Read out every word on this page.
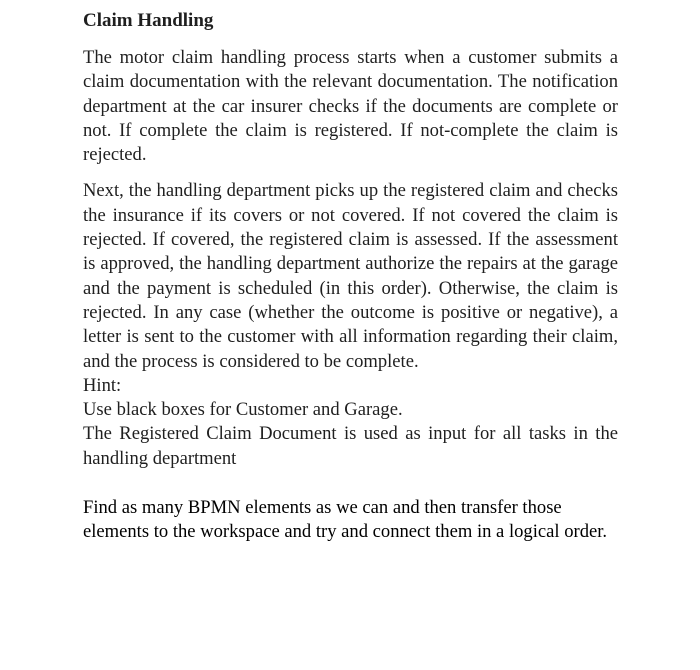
Claim Handling

The motor claim handling process starts when a customer submits a claim documentation with the relevant documentation. The notification department at the car insurer checks if the documents are complete or not. If complete the claim is registered. If not-complete the claim is rejected.

Next, the handling department picks up the registered claim and checks the insurance if its covers or not covered. If not covered the claim is rejected. If covered, the registered claim is assessed. If the assessment is approved, the handling department authorize the repairs at the garage and the payment is scheduled (in this order). Otherwise, the claim is rejected. In any case (whether the outcome is positive or negative), a letter is sent to the customer with all information regarding their claim, and the process is considered to be complete.

Hint:

Use black boxes for Customer and Garage.

The Registered Claim Document is used as input for all tasks in the handling department

Find as many BPMN elements as we can and then transfer those elements to the workspace and try and connect them in a logical order.
